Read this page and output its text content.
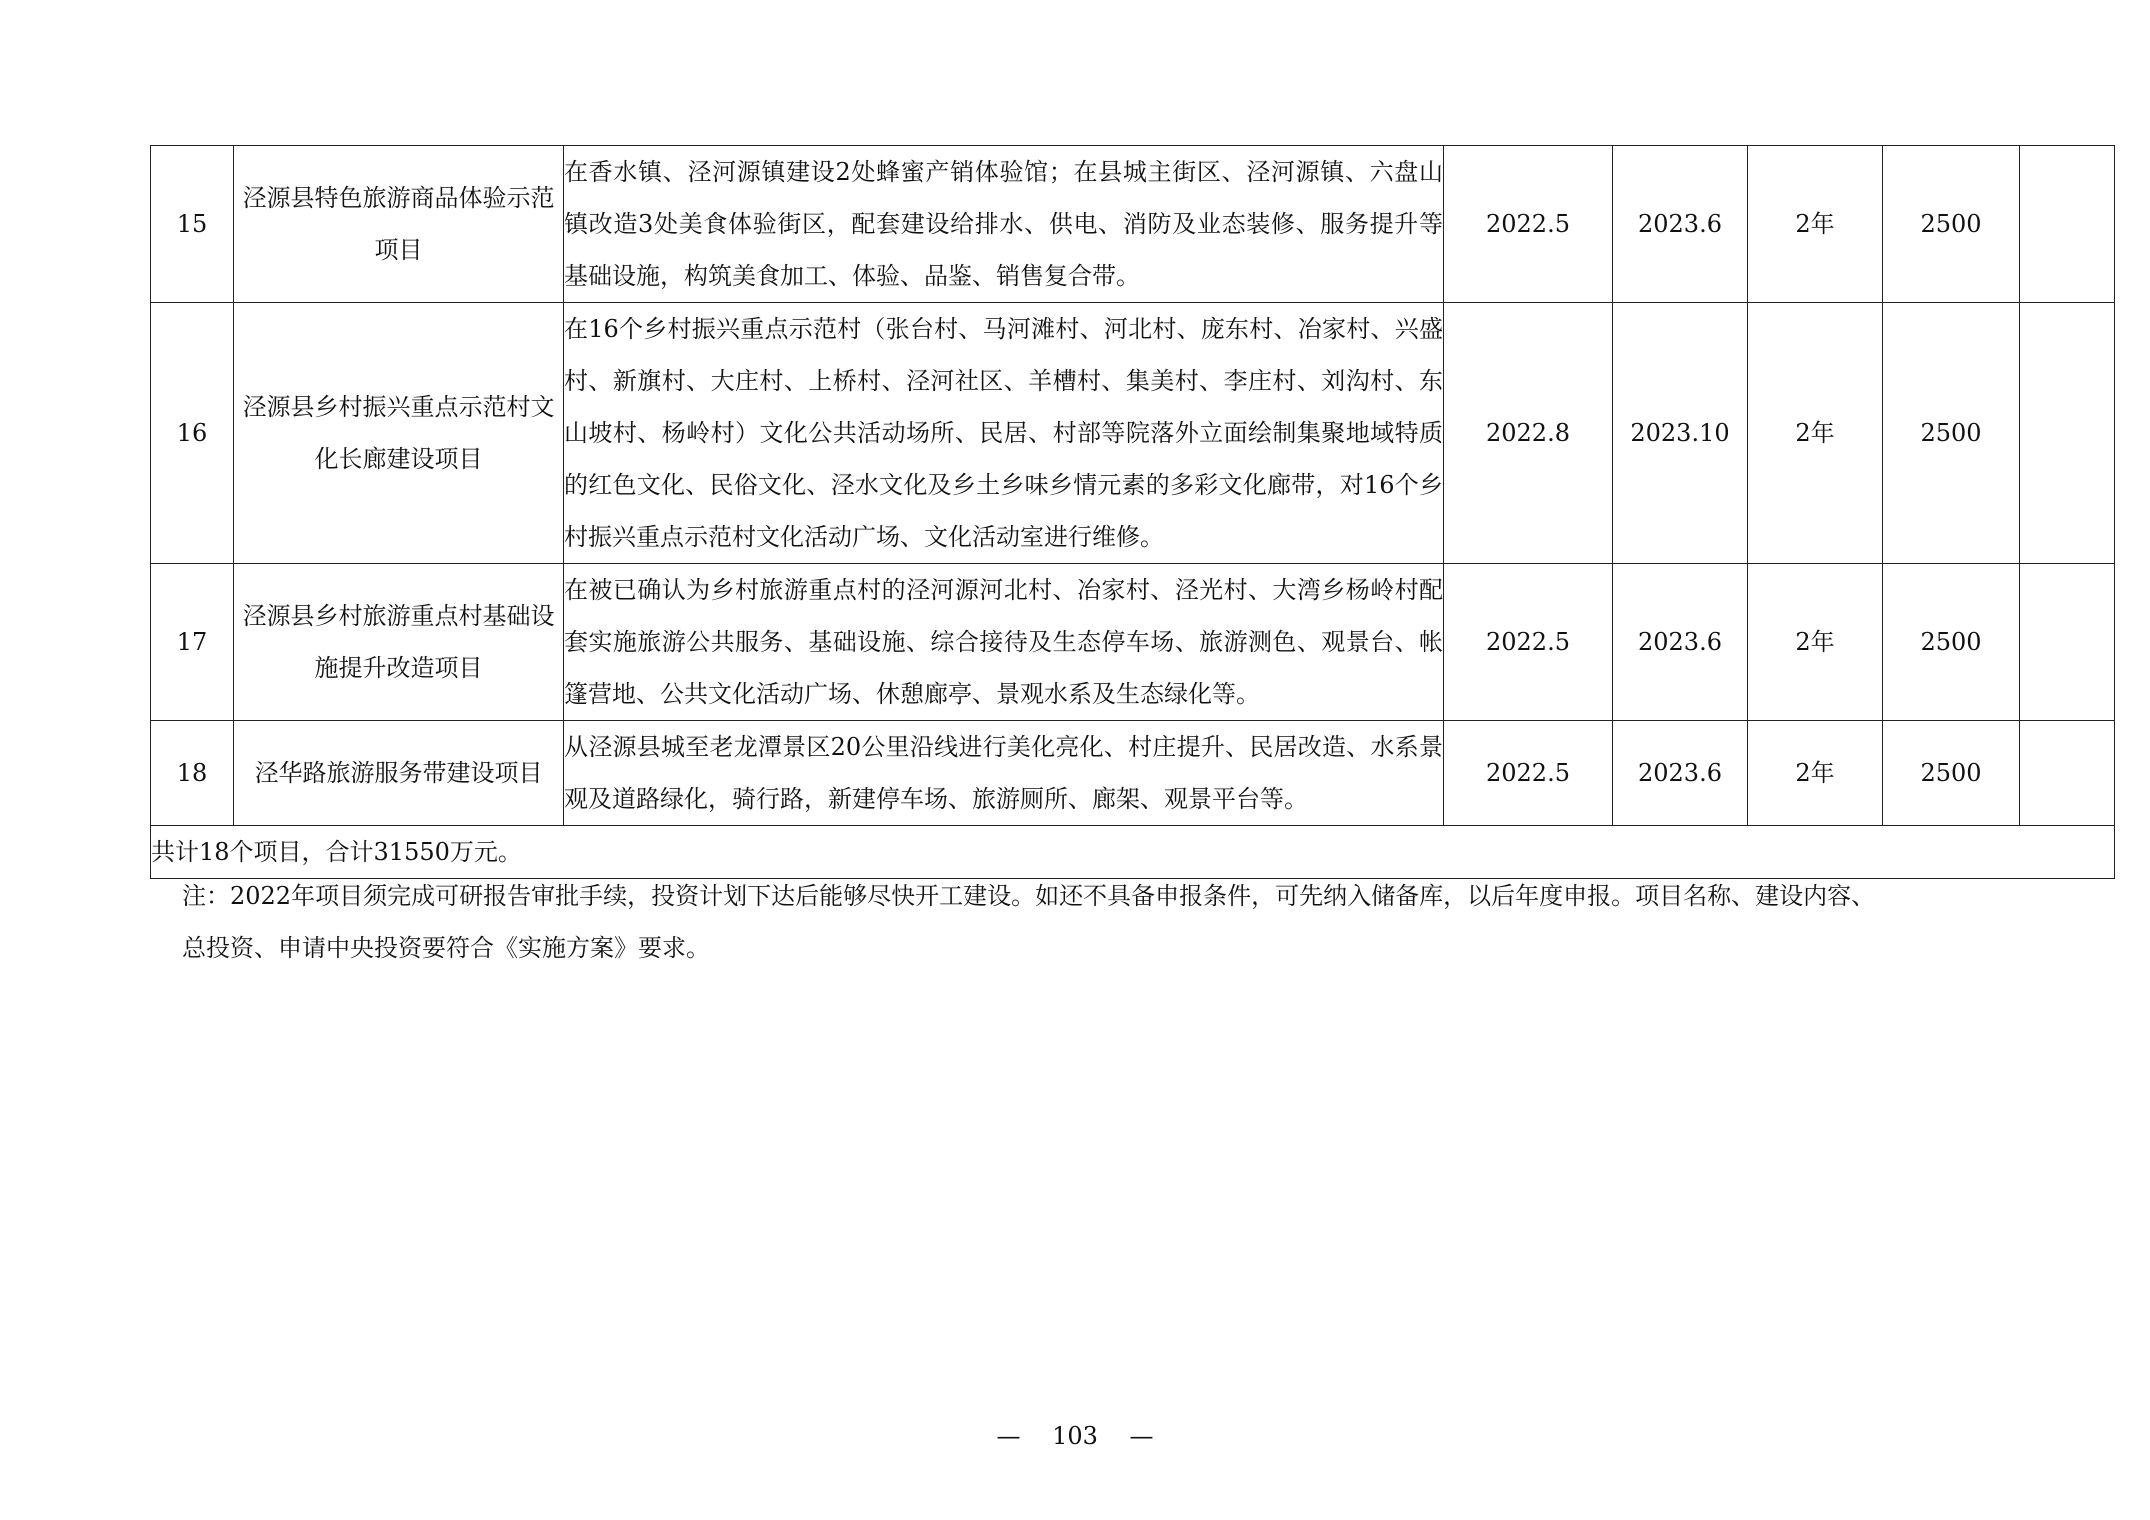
15	泾源县特色旅游商品体验示范项目	在香水镇、泾河源镇建设2处蜂蜜产销体验馆；在县城主街区、泾河源镇、六盘山镇改造3处美食体验街区，配套建设给排水、供电、消防及业态装修、服务提升等基础设施，构筑美食加工、体验、品鉴、销售复合带。	2022.5	2023.6	2年	2500	
16	泾源县乡村振兴重点示范村文化长廊建设项目	在16个乡村振兴重点示范村（张台村、马河滩村、河北村、庞东村、冶家村、兴盛村、新旗村、大庄村、上桥村、泾河社区、羊槽村、集美村、李庄村、刘沟村、东山坡村、杨岭村）文化公共活动场所、民居、村部等院落外立面绘制集聚地域特质的红色文化、民俗文化、泾水文化及乡土乡味乡情元素的多彩文化廊带，对16个乡村振兴重点示范村文化活动广场、文化活动室进行维修。	2022.8	2023.10	2年	2500	
17	泾源县乡村旅游重点村基础设施提升改造项目	在被已确认为乡村旅游重点村的泾河源河北村、冶家村、泾光村、大湾乡杨岭村配套实施旅游公共服务、基础设施、综合接待及生态停车场、旅游测色、观景台、帐篷营地、公共文化活动广场、休憩廊亭、景观水系及生态绿化等。	2022.5	2023.6	2年	2500	
18	泾华路旅游服务带建设项目	从泾源县城至老龙潭景区20公里沿线进行美化亮化、村庄提升、民居改造、水系景观及道路绿化，骑行路，新建停车场、旅游厕所、廊架、观景平台等。	2022.5	2023.6	2年	2500	
共计18个项目，合计31550万元。							

注：2022年项目须完成可研报告审批手续，投资计划下达后能够尽快开工建设。如还不具备申报条件，可先纳入储备库，以后年度申报。项目名称、建设内容、

总投资、申请中央投资要符合《实施方案》要求。

— 103 —
